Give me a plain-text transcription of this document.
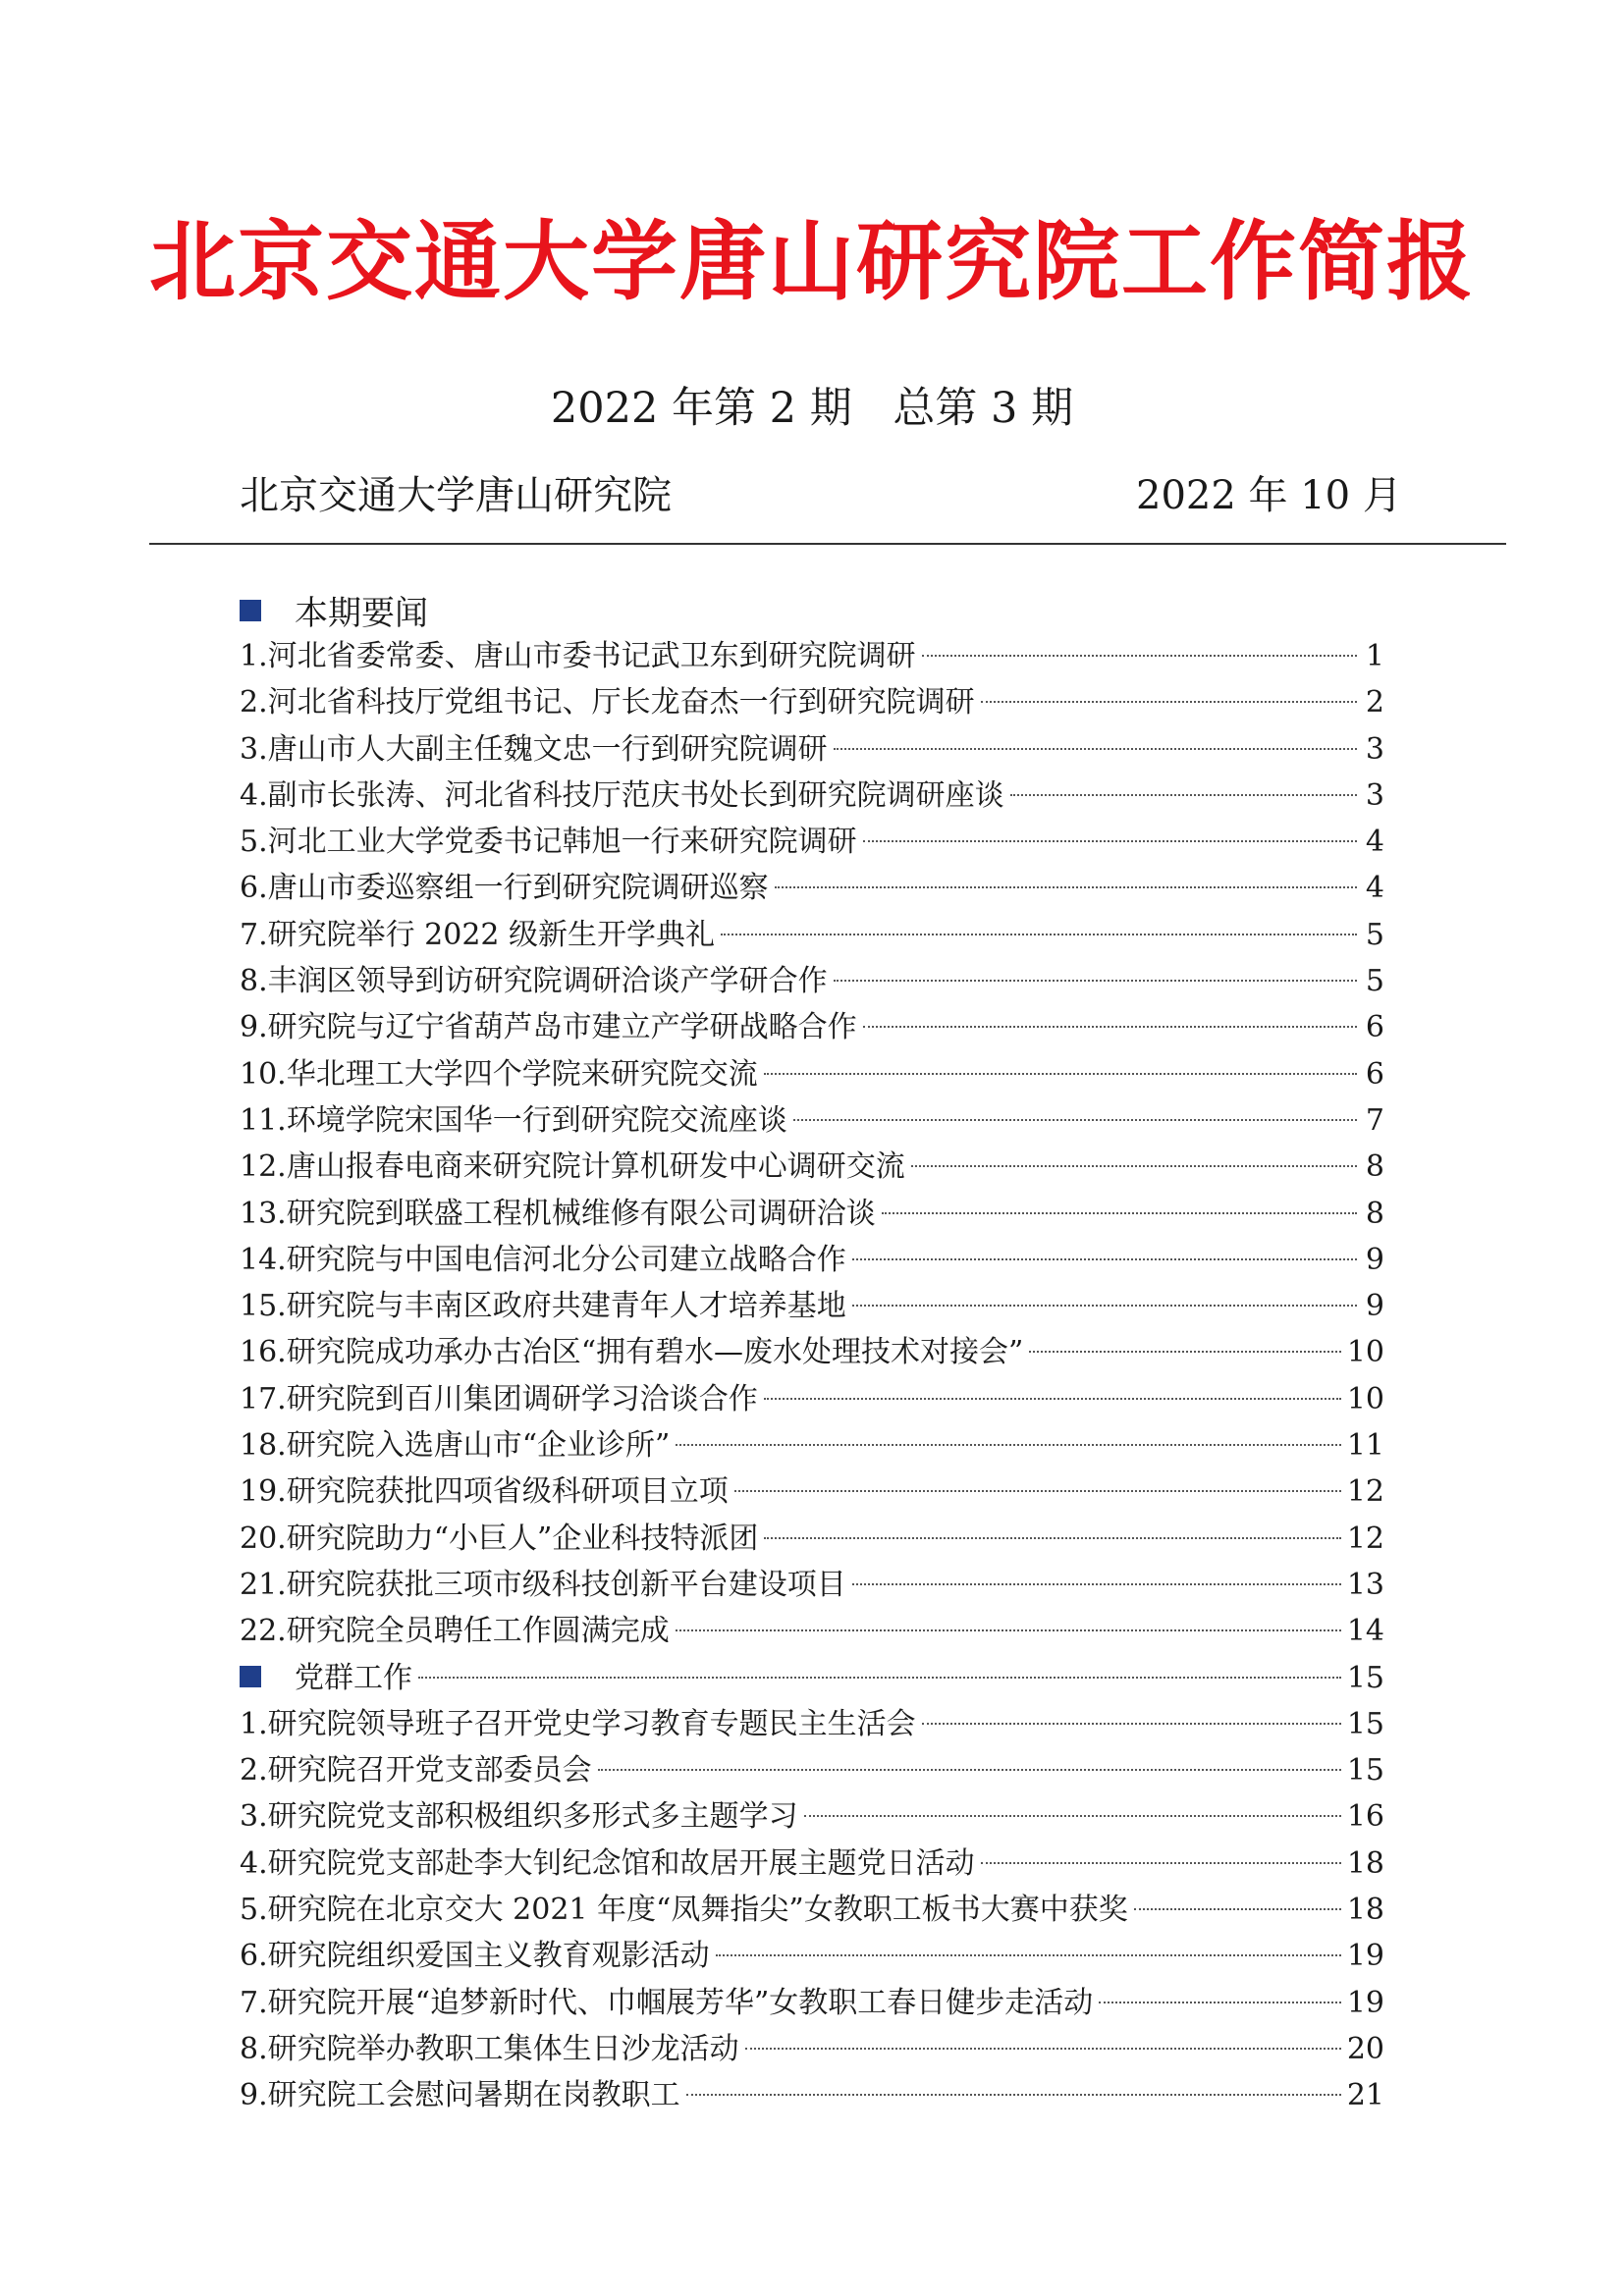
北京交通大学唐山研究院工作简报
2022 年第 2 期 总第 3 期
北京交通大学唐山研究院	2022 年 10 月
本期要闻
1.河北省委常委、唐山市委书记武卫东到研究院调研	1
2.河北省科技厅党组书记、厅长龙奋杰一行到研究院调研	2
3.唐山市人大副主任魏文忠一行到研究院调研	3
4.副市长张涛、河北省科技厅范庆书处长到研究院调研座谈	3
5.河北工业大学党委书记韩旭一行来研究院调研	4
6.唐山市委巡察组一行到研究院调研巡察	4
7.研究院举行 2022 级新生开学典礼	5
8.丰润区领导到访研究院调研洽谈产学研合作	5
9.研究院与辽宁省葫芦岛市建立产学研战略合作	6
10.华北理工大学四个学院来研究院交流	6
11.环境学院宋国华一行到研究院交流座谈	7
12.唐山报春电商来研究院计算机研发中心调研交流	8
13.研究院到联盛工程机械维修有限公司调研洽谈	8
14.研究院与中国电信河北分公司建立战略合作	9
15.研究院与丰南区政府共建青年人才培养基地	9
16.研究院成功承办古冶区“拥有碧水—废水处理技术对接会”	10
17.研究院到百川集团调研学习洽谈合作	10
18.研究院入选唐山市“企业诊所”	11
19.研究院获批四项省级科研项目立项	12
20.研究院助力“小巨人”企业科技特派团	12
21.研究院获批三项市级科技创新平台建设项目	13
22.研究院全员聘任工作圆满完成	14
党群工作	15
1.研究院领导班子召开党史学习教育专题民主生活会	15
2.研究院召开党支部委员会	15
3.研究院党支部积极组织多形式多主题学习	16
4.研究院党支部赴李大钊纪念馆和故居开展主题党日活动	18
5.研究院在北京交大 2021 年度“凤舞指尖”女教职工板书大赛中获奖	18
6.研究院组织爱国主义教育观影活动	19
7.研究院开展“追梦新时代、巾帼展芳华”女教职工春日健步走活动	19
8.研究院举办教职工集体生日沙龙活动	20
9.研究院工会慰问暑期在岗教职工	21
